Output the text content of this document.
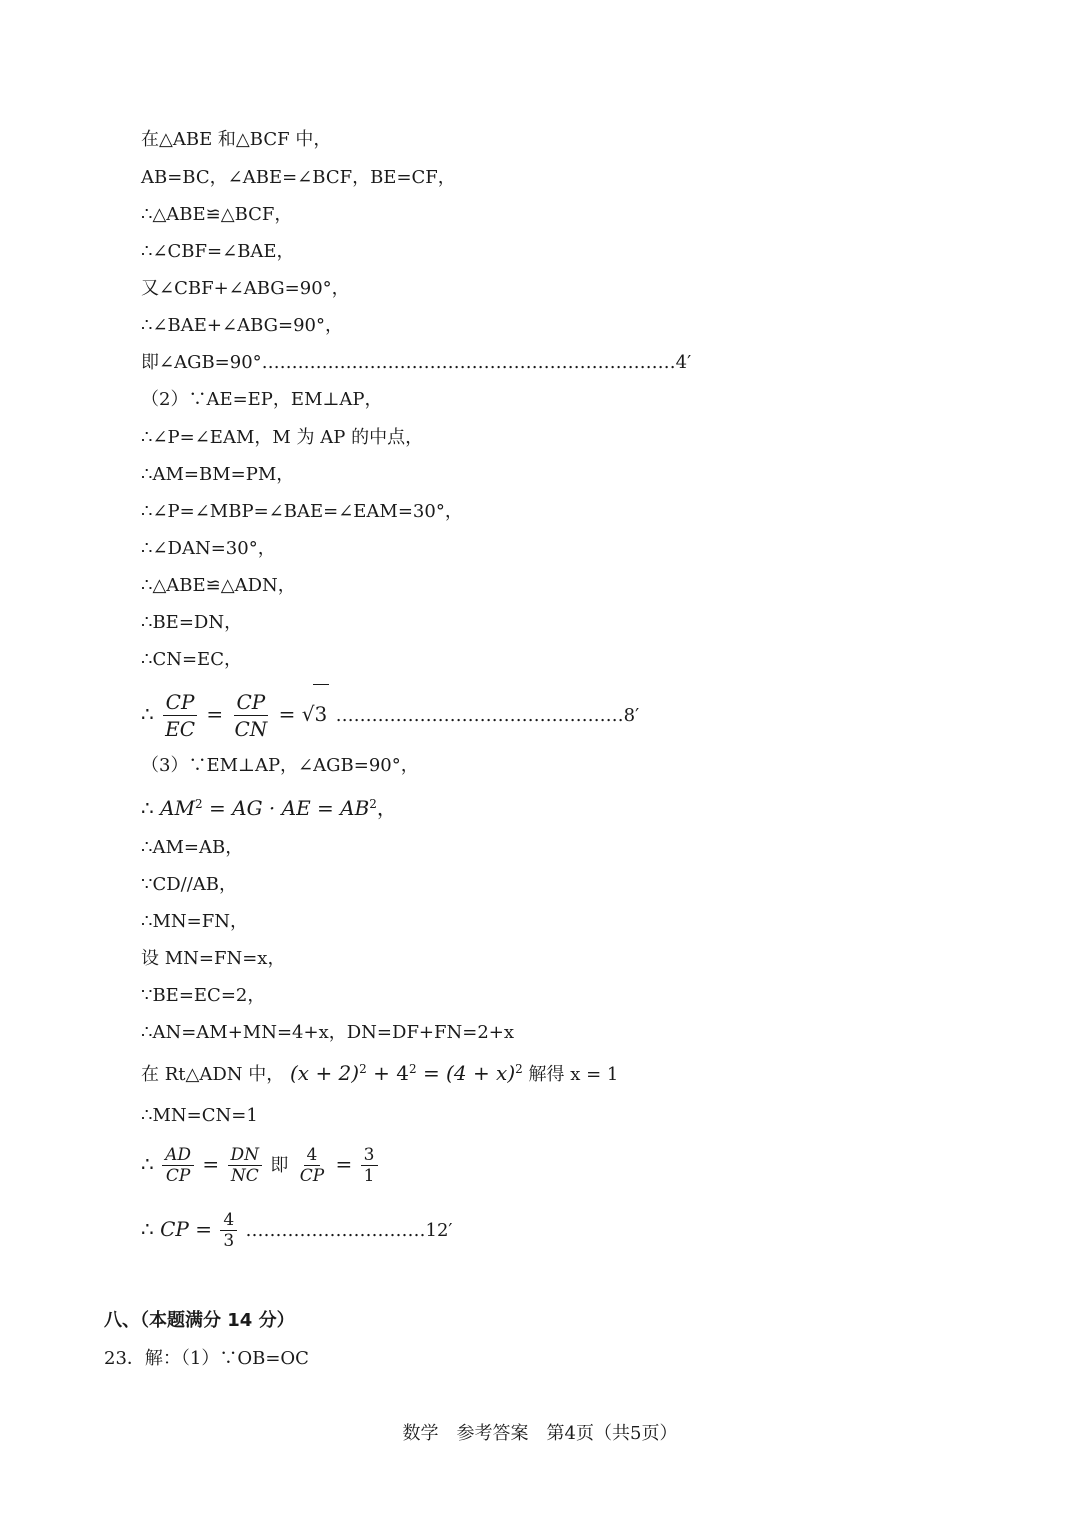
在△ABE 和△BCF 中，
AB=BC，∠ABE=∠BCF，BE=CF，
∴△ABE≌△BCF，
∴∠CBF=∠BAE，
又∠CBF+∠ABG=90°，
∴∠BAE+∠ABG=90°，
即∠AGB=90°……………………………………………………………4′
（2）∵AE=EP，EM⊥AP，
∴∠P=∠EAM，M 为 AP 的中点，
∴AM=BM=PM，
∴∠P=∠MBP=∠BAE=∠EAM=30°，
∴∠DAN=30°，
∴△ABE≌△ADN，
∴BE=DN，
∴CN=EC，
∴ $\frac{CP}{EC} = \frac{CP}{CN} = √3$ …………………………………………8′
（3）∵EM⊥AP，∠AGB=90°，
∴ $AM^2$ = AG · AE = $AB^2$，
∴AM=AB，
∵CD//AB，
∴MN=FN，
设 MN=FN=x，
∵BE=EC=2，
∴AN=AM+MN=4+x，DN=DF+FN=2+x
在 Rt△ADN 中， $(x + 2)^2 + 4^2 = (4 + x)^2$ 解得 x = 1
∴MN=CN=1
∴ $\frac{AD}{CP} = \frac{DN}{NC}$ 即 $\frac{4}{CP} = \frac{3}{1}$
∴ CP = $\frac{4}{3}$ …………………………12′
八、（本题满分 14 分）
23．解：（1）∵OB=OC
数学　参考答案　第4页（共5页）
